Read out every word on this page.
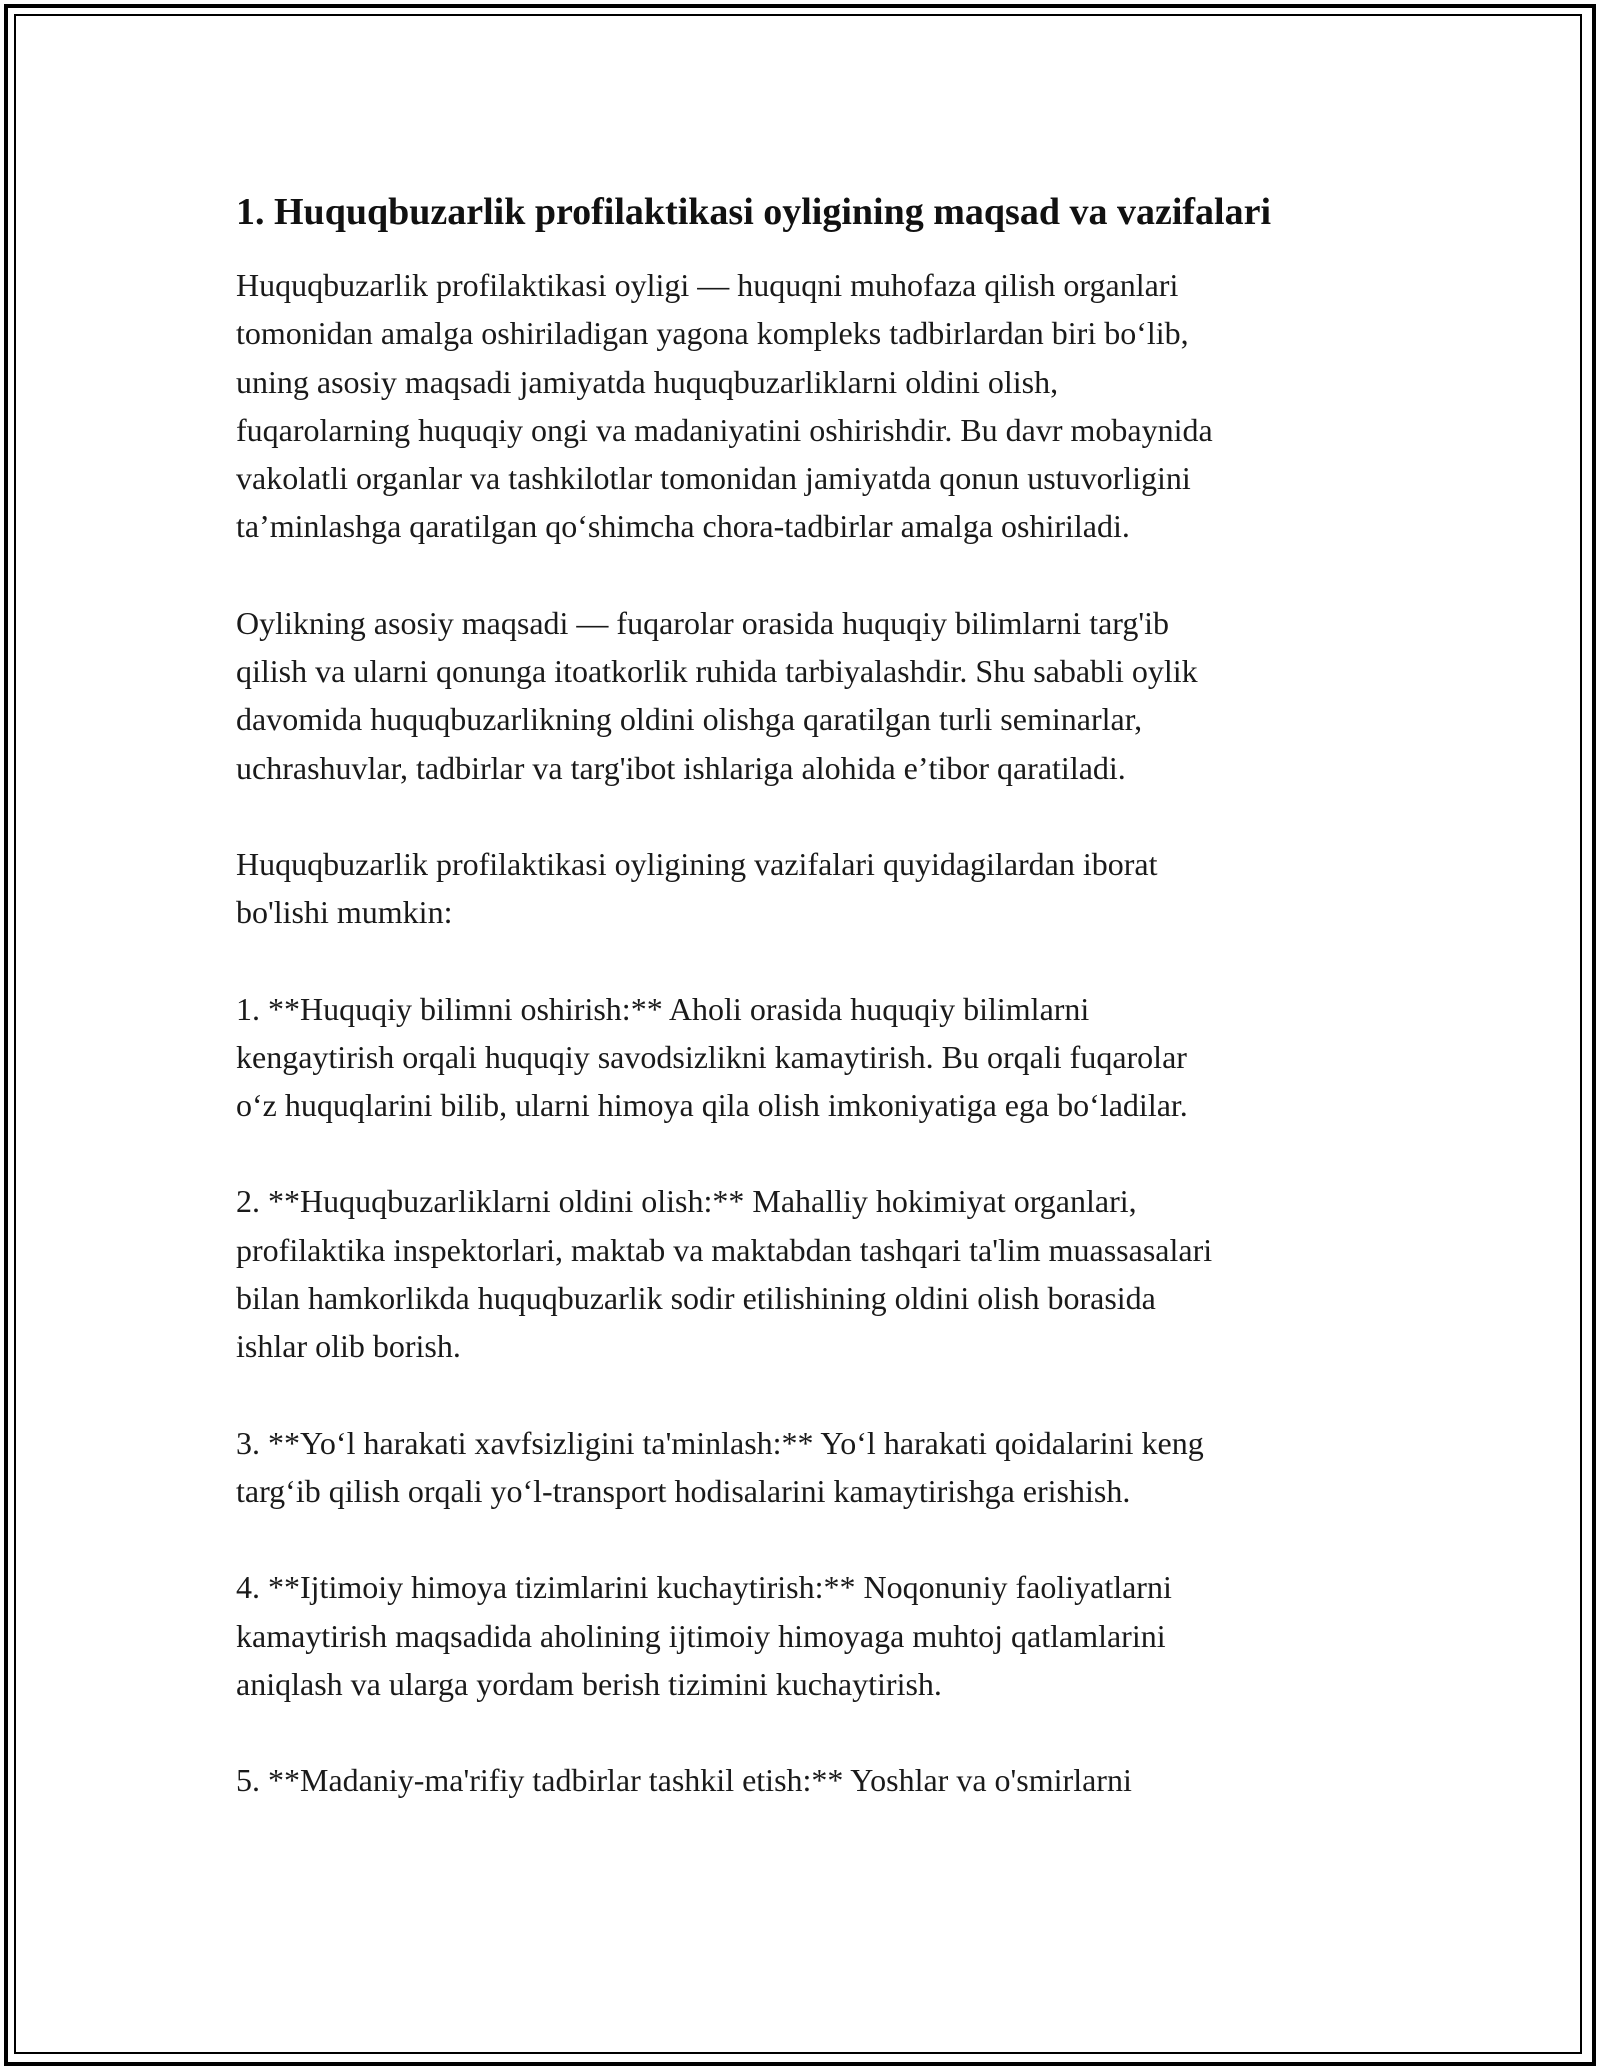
1. Huquqbuzarlik profilaktikasi oyligining maqsad va vazifalari

Huquqbuzarlik profilaktikasi oyligi — huquqni muhofaza qilish organlari
tomonidan amalga oshiriladigan yagona kompleks tadbirlardan biri boʻlib,
uning asosiy maqsadi jamiyatda huquqbuzarliklarni oldini olish,
fuqarolarning huquqiy ongi va madaniyatini oshirishdir. Bu davr mobaynida
vakolatli organlar va tashkilotlar tomonidan jamiyatda qonun ustuvorligini
taʼminlashga qaratilgan qoʻshimcha chora-tadbirlar amalga oshiriladi.

Oylikning asosiy maqsadi — fuqarolar orasida huquqiy bilimlarni targ'ib
qilish va ularni qonunga itoatkorlik ruhida tarbiyalashdir. Shu sababli oylik
davomida huquqbuzarlikning oldini olishga qaratilgan turli seminarlar,
uchrashuvlar, tadbirlar va targ'ibot ishlariga alohida eʼtibor qaratiladi.

Huquqbuzarlik profilaktikasi oyligining vazifalari quyidagilardan iborat
bo'lishi mumkin:

1. **Huquqiy bilimni oshirish:** Aholi orasida huquqiy bilimlarni
kengaytirish orqali huquqiy savodsizlikni kamaytirish. Bu orqali fuqarolar
oʻz huquqlarini bilib, ularni himoya qila olish imkoniyatiga ega boʻladilar.

2. **Huquqbuzarliklarni oldini olish:** Mahalliy hokimiyat organlari,
profilaktika inspektorlari, maktab va maktabdan tashqari ta'lim muassasalari
bilan hamkorlikda huquqbuzarlik sodir etilishining oldini olish borasida
ishlar olib borish.

3. **Yoʻl harakati xavfsizligini ta'minlash:** Yoʻl harakati qoidalarini keng
targʻib qilish orqali yoʻl-transport hodisalarini kamaytirishga erishish.

4. **Ijtimoiy himoya tizimlarini kuchaytirish:** Noqonuniy faoliyatlarni
kamaytirish maqsadida aholining ijtimoiy himoyaga muhtoj qatlamlarini
aniqlash va ularga yordam berish tizimini kuchaytirish.

5. **Madaniy-ma'rifiy tadbirlar tashkil etish:** Yoshlar va o'smirlarni
